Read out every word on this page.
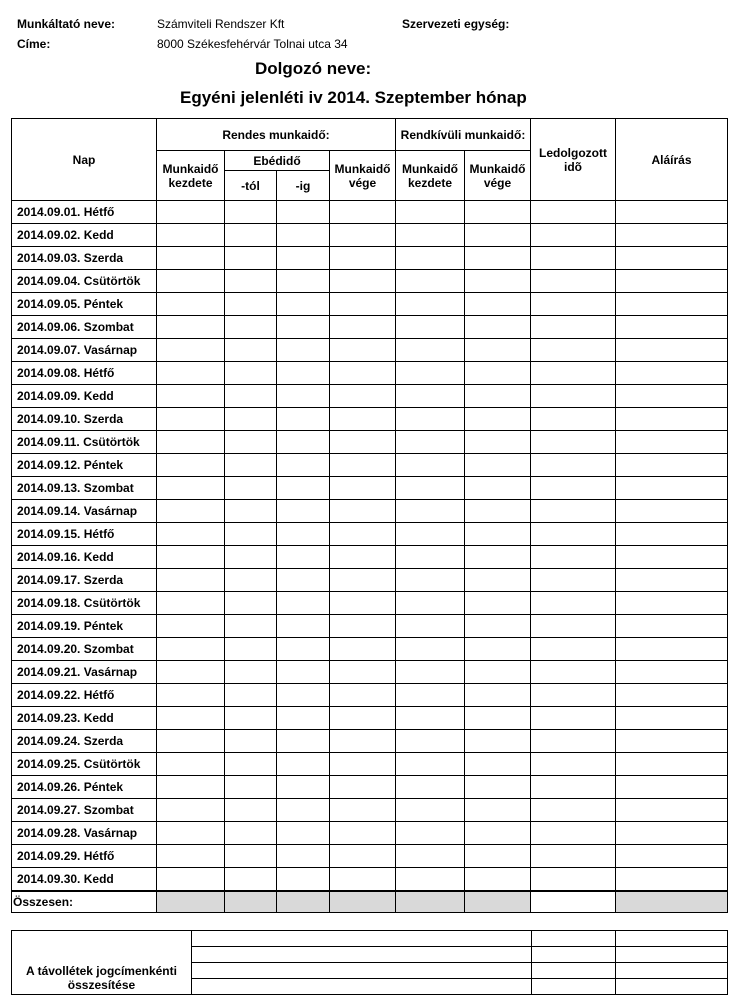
Munkáltató neve:	Számviteli Rendszer Kft	Szervezeti egység:
Címe:	8000 Székesfehérvár Tolnai utca 34
Dolgozó neve:
Egyéni jelenléti iv 2014. Szeptember hónap
Nap	Rendes munkaidő:				Rendkívüli munkaidő:		Ledolgozott idõ	Aláírás
	Munkaidő kezdete	Ebédidő		Munkaidő vége	Munkaidő kezdete	Munkaidő vége		
		-tól	-ig					
2014.09.01. Hétfő								
2014.09.02. Kedd								
2014.09.03. Szerda								
2014.09.04. Csütörtök								
2014.09.05. Péntek								
2014.09.06. Szombat								
2014.09.07. Vasárnap								
2014.09.08. Hétfő								
2014.09.09. Kedd								
2014.09.10. Szerda								
2014.09.11. Csütörtök								
2014.09.12. Péntek								
2014.09.13. Szombat								
2014.09.14. Vasárnap								
2014.09.15. Hétfő								
2014.09.16. Kedd								
2014.09.17. Szerda								
2014.09.18. Csütörtök								
2014.09.19. Péntek								
2014.09.20. Szombat								
2014.09.21. Vasárnap								
2014.09.22. Hétfő								
2014.09.23. Kedd								
2014.09.24. Szerda								
2014.09.25. Csütörtök								
2014.09.26. Péntek								
2014.09.27. Szombat								
2014.09.28. Vasárnap								
2014.09.29. Hétfő								
2014.09.30. Kedd								
Összesen:								
A távollétek jogcímenkénti összesítése			
